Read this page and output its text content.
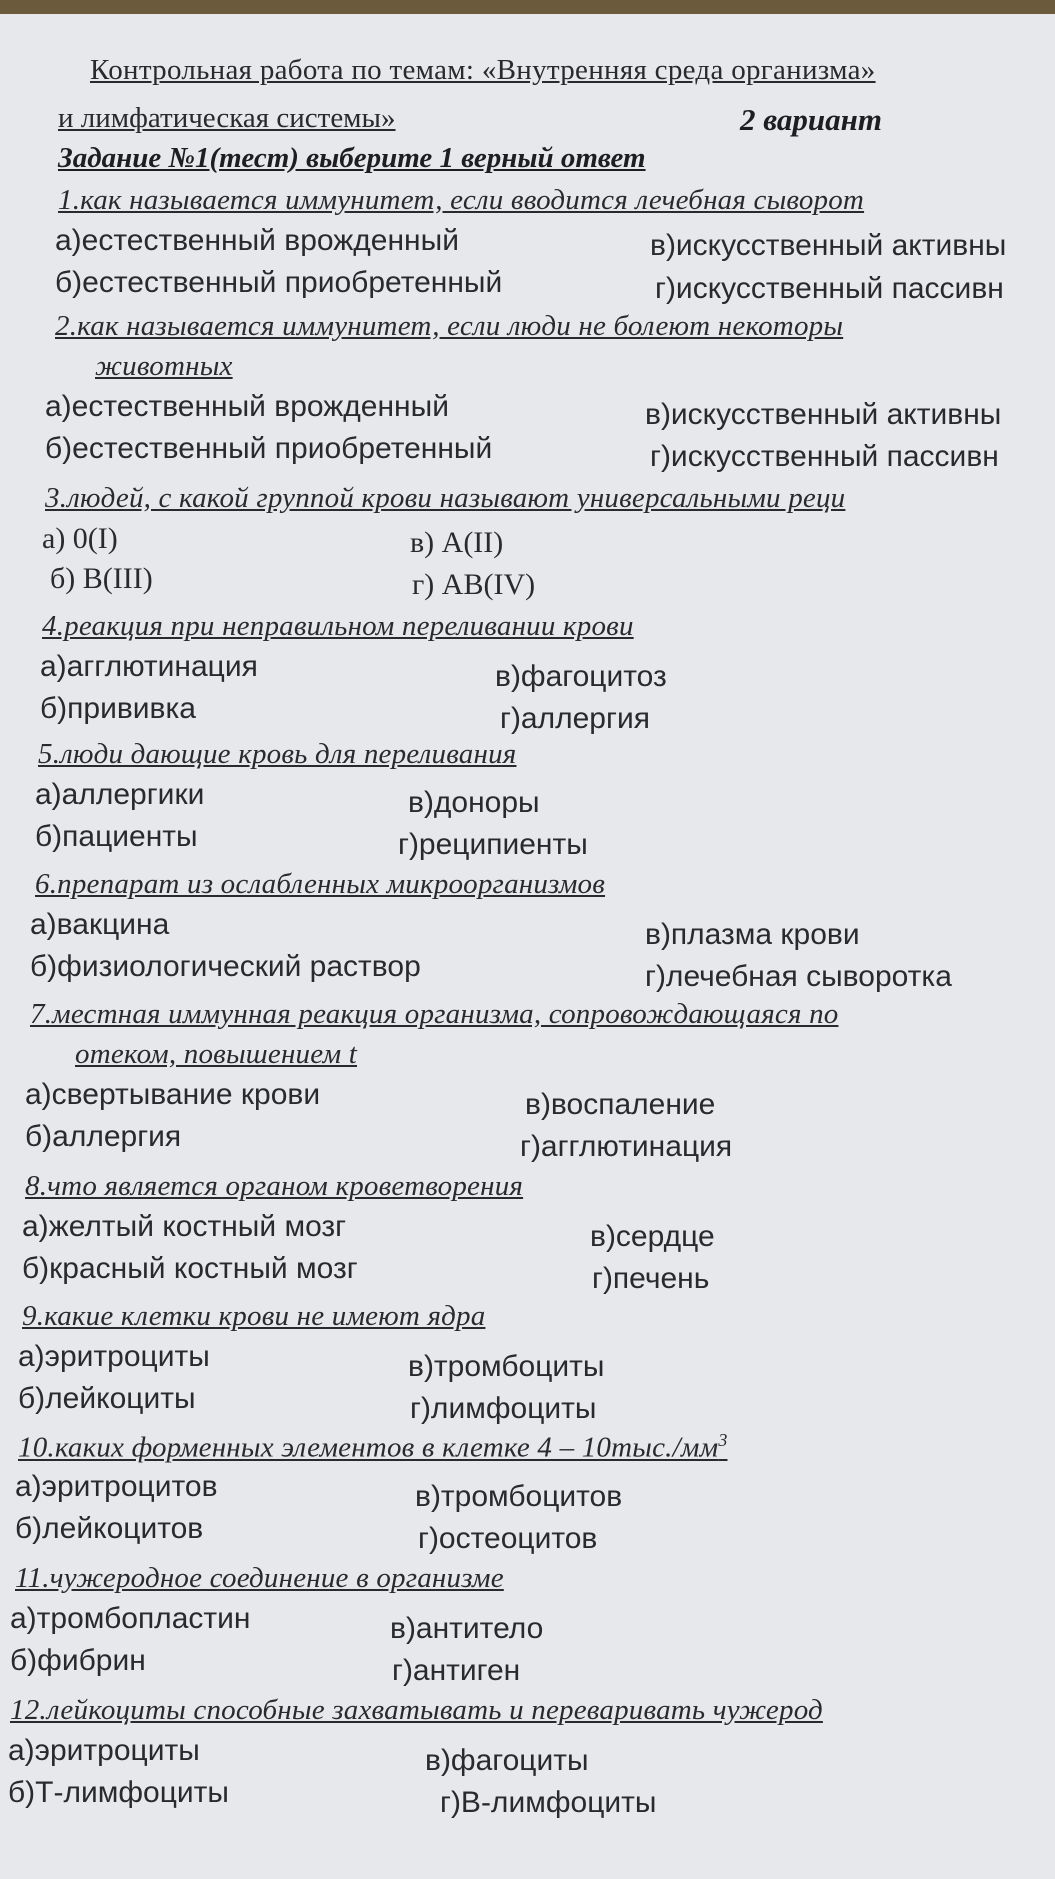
Контрольная работа по темам: «Внутренняя среда организма»
и лимфатическая системы»	2 вариант
Задание №1(тест) выберите 1 верный ответ
1.как называется иммунитет, если вводится лечебная сыворот
а)естественный врожденный
б)естественный приобретенный
в)искусственный активны
г)искусственный пассивн
2.как называется иммунитет, если люди не болеют некоторы
животных
а)естественный врожденный
б)естественный приобретенный
в)искусственный активны
г)искусственный пассивн
3.людей, с какой группой крови называют универсальными реци
а) 0(I)
б) B(III)
в) A(II)
г) AB(IV)
4.реакция при неправильном переливании крови
а)агглютинация
б)прививка
в)фагоцитоз
г)аллергия
5.люди дающие кровь для переливания
а)аллергики
б)пациенты
в)доноры
г)реципиенты
6.препарат из ослабленных микроорганизмов
а)вакцина
б)физиологический раствор
в)плазма крови
г)лечебная сыворотка
7.местная иммунная реакция организма, сопровождающаяся по
отеком, повышением t
а)свертывание крови
б)аллергия
в)воспаление
г)агглютинация
8.что является органом кроветворения
а)желтый костный мозг
б)красный костный мозг
в)сердце
г)печень
9.какие клетки крови не имеют ядра
а)эритроциты
б)лейкоциты
в)тромбоциты
г)лимфоциты
10.каких форменных элементов в клетке $4 - 10тыс./мм^3$
а)эритроцитов
б)лейкоцитов
в)тромбоцитов
г)остеоцитов
11.чужеродное соединение в организме
а)тромбопластин
б)фибрин
в)антитело
г)антиген
12.лейкоциты способные захватывать и переваривать чужерод
а)эритроциты
б)Т-лимфоциты
в)фагоциты
г)В-лимфоциты
